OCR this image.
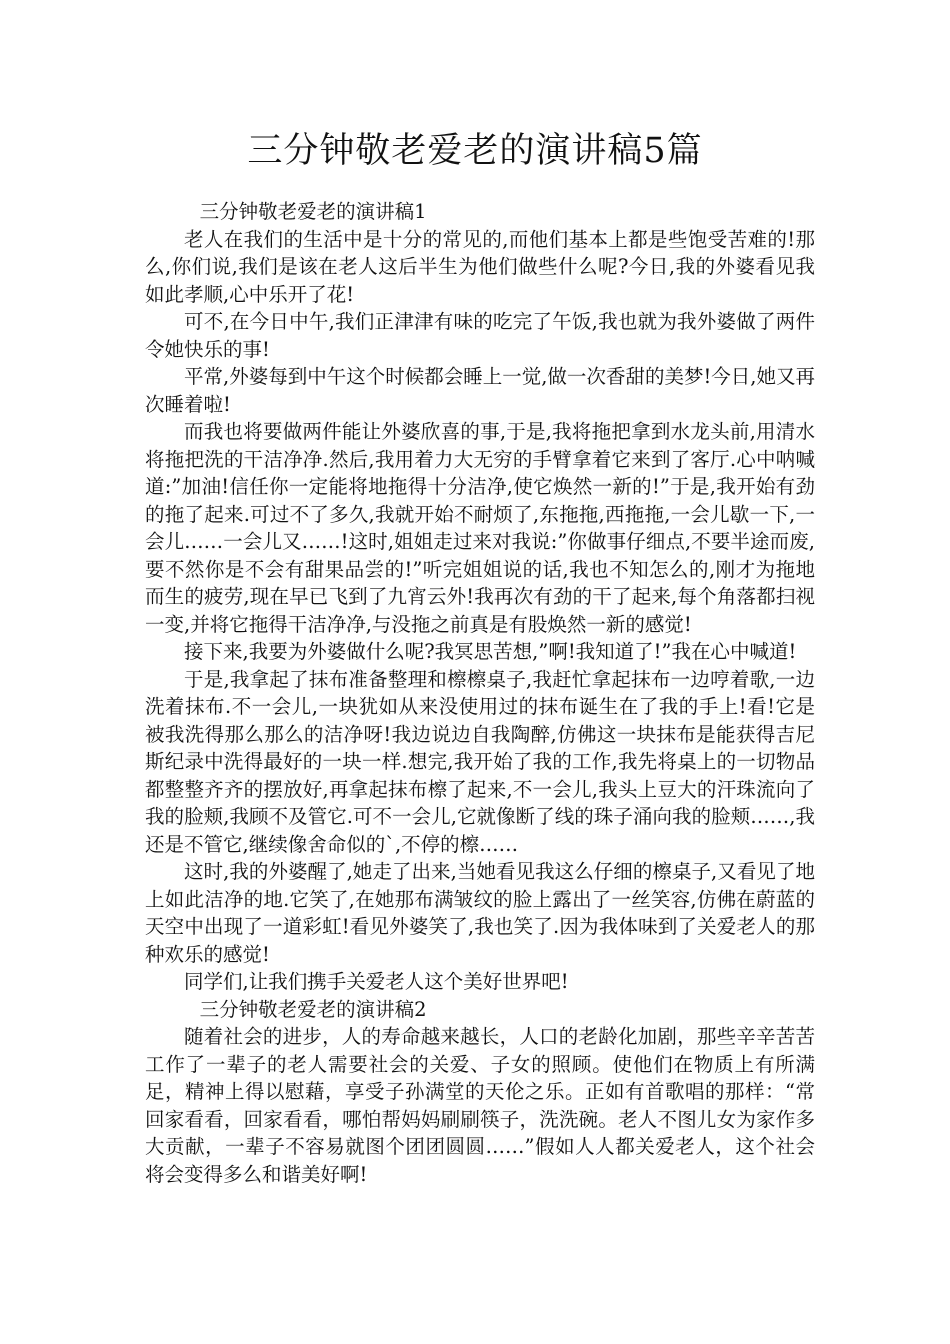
三分钟敬老爱老的演讲稿5篇

三分钟敬老爱老的演讲稿1

老人在我们的生活中是十分的常见的,而他们基本上都是些饱受苦难的!那么,你们说,我们是该在老人这后半生为他们做些什么呢?今日,我的外婆看见我如此孝顺,心中乐开了花!

可不,在今日中午,我们正津津有味的吃完了午饭,我也就为我外婆做了两件令她快乐的事!

平常,外婆每到中午这个时候都会睡上一觉,做一次香甜的美梦!今日,她又再次睡着啦!

而我也将要做两件能让外婆欣喜的事,于是,我将拖把拿到水龙头前,用清水将拖把洗的干洁净净.然后,我用着力大无穷的手臂拿着它来到了客厅.心中呐喊道:”加油!信任你一定能将地拖得十分洁净,使它焕然一新的!”于是,我开始有劲的拖了起来.可过不了多久,我就开始不耐烦了,东拖拖,西拖拖,一会儿歇一下,一会儿……一会儿又……!这时,姐姐走过来对我说:”你做事仔细点,不要半途而废,要不然你是不会有甜果品尝的!”听完姐姐说的话,我也不知怎么的,刚才为拖地而生的疲劳,现在早已飞到了九宵云外!我再次有劲的干了起来,每个角落都扫视一变,并将它拖得干洁净净,与没拖之前真是有股焕然一新的感觉!

接下来,我要为外婆做什么呢?我冥思苦想,”啊!我知道了!”我在心中喊道!

于是,我拿起了抹布准备整理和檫檫桌子,我赶忙拿起抹布一边哼着歌,一边洗着抹布.不一会儿,一块犹如从来没使用过的抹布诞生在了我的手上!看!它是被我洗得那么那么的洁净呀!我边说边自我陶醉,仿佛这一块抹布是能获得吉尼斯纪录中洗得最好的一块一样.想完,我开始了我的工作,我先将桌上的一切物品都整整齐齐的摆放好,再拿起抹布檫了起来,不一会儿,我头上豆大的汗珠流向了我的脸颊,我顾不及管它.可不一会儿,它就像断了线的珠子涌向我的脸颊……,我还是不管它,继续像舍命似的`,不停的檫……

这时,我的外婆醒了,她走了出来,当她看见我这么仔细的檫桌子,又看见了地上如此洁净的地.它笑了,在她那布满皱纹的脸上露出了一丝笑容,仿佛在蔚蓝的天空中出现了一道彩虹!看见外婆笑了,我也笑了.因为我体味到了关爱老人的那种欢乐的感觉!

同学们,让我们携手关爱老人这个美好世界吧!

三分钟敬老爱老的演讲稿2

随着社会的进步，人的寿命越来越长，人口的老龄化加剧，那些辛辛苦苦工作了一辈子的老人需要社会的关爱、子女的照顾。使他们在物质上有所满足，精神上得以慰藉，享受子孙满堂的天伦之乐。正如有首歌唱的那样：“常回家看看，回家看看，哪怕帮妈妈刷刷筷子，洗洗碗。老人不图儿女为家作多大贡献，一辈子不容易就图个团团圆圆……”假如人人都关爱老人，这个社会将会变得多么和谐美好啊!
